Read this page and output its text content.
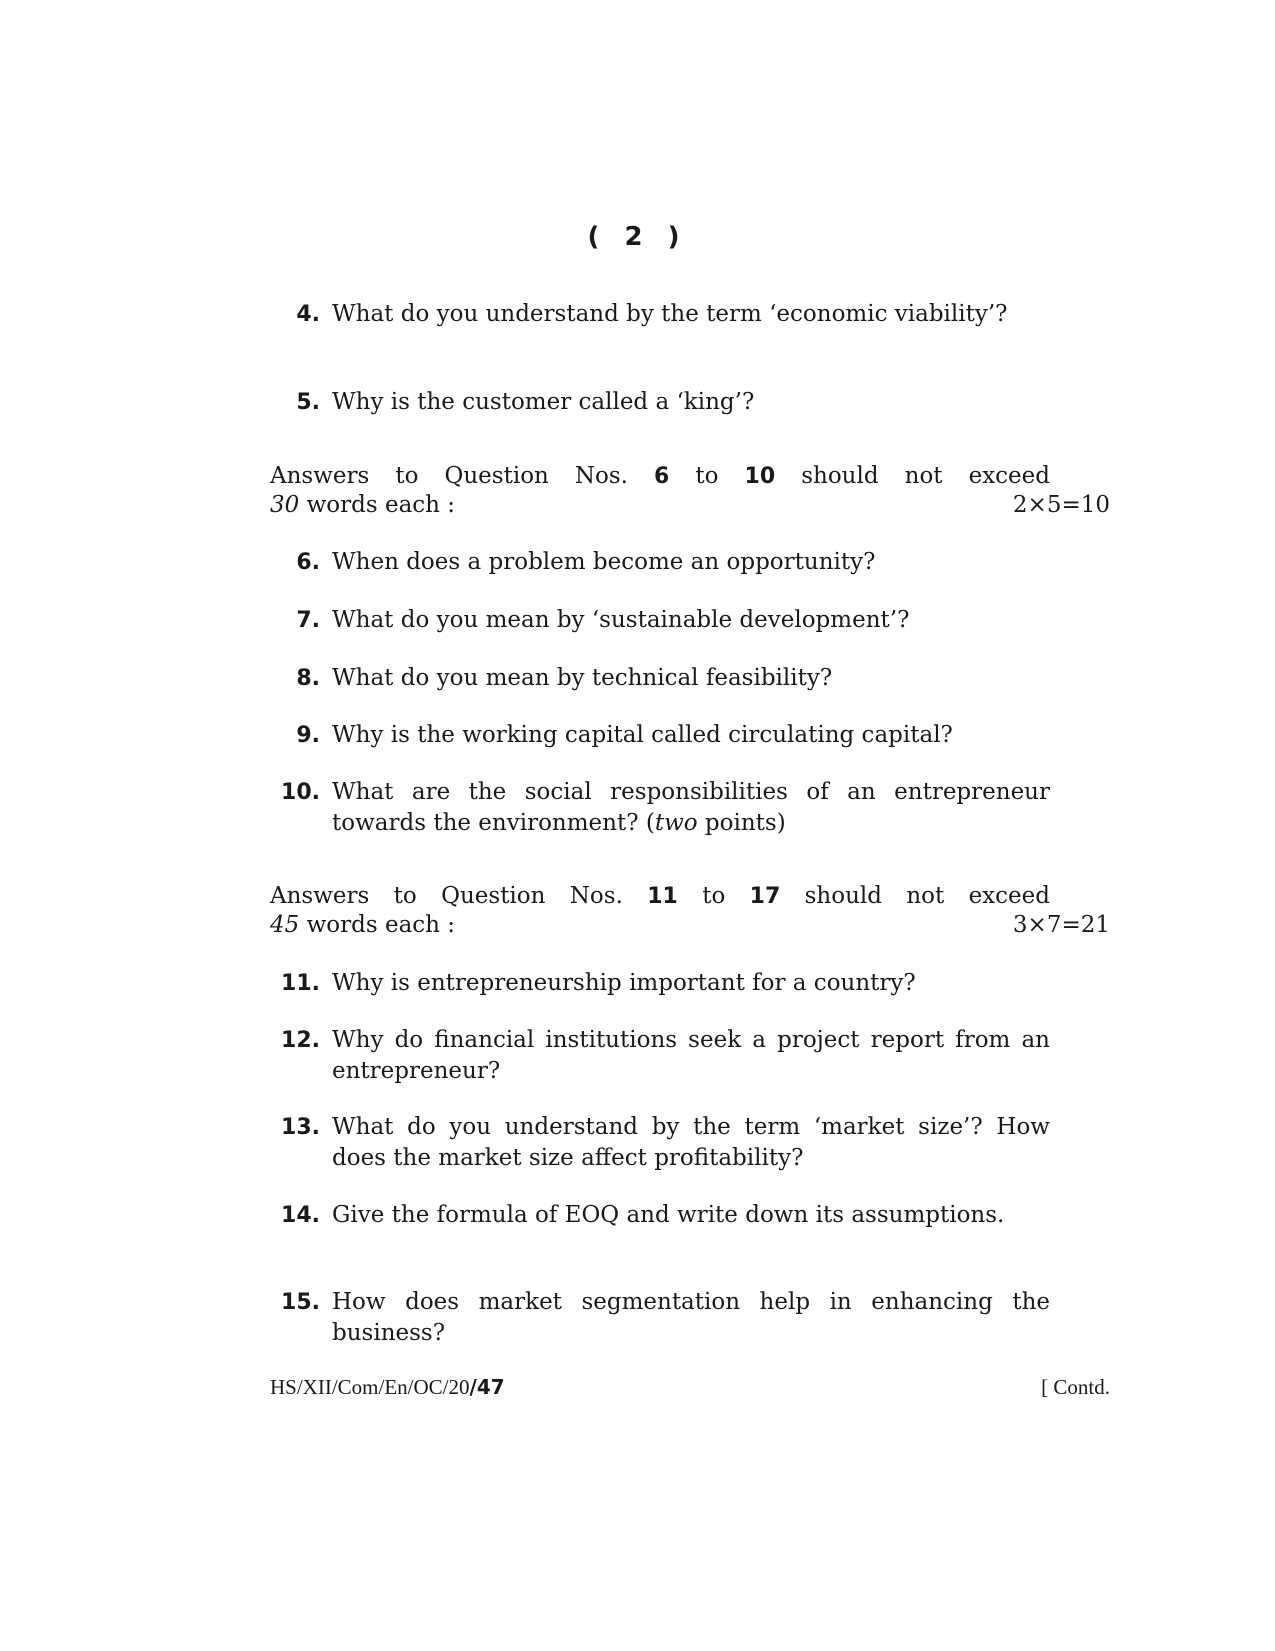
( 2 )
4. What do you understand by the term ‘economic viability’?
5. Why is the customer called a ‘king’?
Answers to Question Nos. 6 to 10 should not exceed
30 words each :	2×5=10
6. When does a problem become an opportunity?
7. What do you mean by ‘sustainable development’?
8. What do you mean by technical feasibility?
9. Why is the working capital called circulating capital?
10. What are the social responsibilities of an entrepreneur towards the environment? (two points)
Answers to Question Nos. 11 to 17 should not exceed
45 words each :	3×7=21
11. Why is entrepreneurship important for a country?
12. Why do financial institutions seek a project report from an entrepreneur?
13. What do you understand by the term ‘market size’? How does the market size affect profitability?
14. Give the formula of EOQ and write down its assumptions.
15. How does market segmentation help in enhancing the business?
HS/XII/Com/En/OC/20/47	[ Contd.
